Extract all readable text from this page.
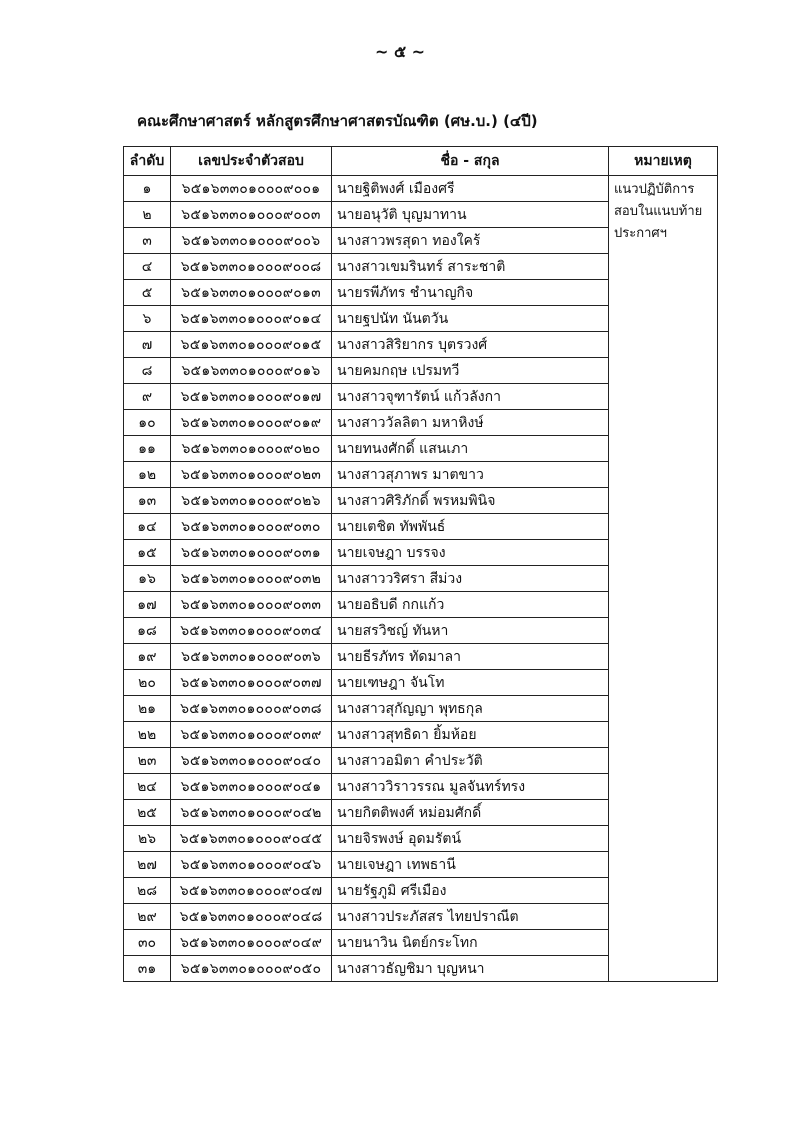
~ ๕ ~
คณะศึกษาศาสตร์ หลักสูตรศึกษาศาสตรบัณฑิต (ศษ.บ.) (๔ปี)
ลำดับ	เลขประจำตัวสอบ	ชื่อ - สกุล	หมายเหตุ
๑	๖๕๑๖๓๓๐๑๐๐๐๙๐๐๑	นายฐิติพงศ์ เมืองศรี	แนวปฏิบัติการสอบในแนบท้ายประกาศฯ
๒	๖๕๑๖๓๓๐๑๐๐๐๙๐๐๓	นายอนุวัติ บุญมาทาน	
๓	๖๕๑๖๓๓๐๑๐๐๐๙๐๐๖	นางสาวพรสุดา ทองใคร้	
๔	๖๕๑๖๓๓๐๑๐๐๐๙๐๐๘	นางสาวเขมรินทร์ สาระชาติ	
๕	๖๕๑๖๓๓๐๑๐๐๐๙๐๑๓	นายรพีภัทร ชำนาญกิจ	
๖	๖๕๑๖๓๓๐๑๐๐๐๙๐๑๔	นายฐปนัท นันตวัน	
๗	๖๕๑๖๓๓๐๑๐๐๐๙๐๑๕	นางสาวสิริยากร บุตรวงศ์	
๘	๖๕๑๖๓๓๐๑๐๐๐๙๐๑๖	นายคมกฤษ เปรมทวี	
๙	๖๕๑๖๓๓๐๑๐๐๐๙๐๑๗	นางสาวจุฑารัตน์ แก้วลังกา	
๑๐	๖๕๑๖๓๓๐๑๐๐๐๙๐๑๙	นางสาววัลลิตา มหาหิงษ์	
๑๑	๖๕๑๖๓๓๐๑๐๐๐๙๐๒๐	นายทนงศักดิ์ แสนเภา	
๑๒	๖๕๑๖๓๓๐๑๐๐๐๙๐๒๓	นางสาวสุภาพร มาตขาว	
๑๓	๖๕๑๖๓๓๐๑๐๐๐๙๐๒๖	นางสาวศิริภักดิ์ พรหมพินิจ	
๑๔	๖๕๑๖๓๓๐๑๐๐๐๙๐๓๐	นายเตชิต ทัพพันธ์	
๑๕	๖๕๑๖๓๓๐๑๐๐๐๙๐๓๑	นายเจษฎา บรรจง	
๑๖	๖๕๑๖๓๓๐๑๐๐๐๙๐๓๒	นางสาววริศรา สีม่วง	
๑๗	๖๕๑๖๓๓๐๑๐๐๐๙๐๓๓	นายอธิบดี กกแก้ว	
๑๘	๖๕๑๖๓๓๐๑๐๐๐๙๐๓๔	นายสรวิชญ์ ทันหา	
๑๙	๖๕๑๖๓๓๐๑๐๐๐๙๐๓๖	นายธีรภัทร ทัดมาลา	
๒๐	๖๕๑๖๓๓๐๑๐๐๐๙๐๓๗	นายเฑษฎา จันโท	
๒๑	๖๕๑๖๓๓๐๑๐๐๐๙๐๓๘	นางสาวสุกัญญา พุทธกุล	
๒๒	๖๕๑๖๓๓๐๑๐๐๐๙๐๓๙	นางสาวสุทธิดา ยิ้มห้อย	
๒๓	๖๕๑๖๓๓๐๑๐๐๐๙๐๔๐	นางสาวอมิตา คำประวัติ	
๒๔	๖๕๑๖๓๓๐๑๐๐๐๙๐๔๑	นางสาววิราวรรณ มูลจันทร์ทรง	
๒๕	๖๕๑๖๓๓๐๑๐๐๐๙๐๔๒	นายกิตติพงศ์ หม่อมศักดิ์	
๒๖	๖๕๑๖๓๓๐๑๐๐๐๙๐๔๕	นายจิรพงษ์ อุดมรัตน์	
๒๗	๖๕๑๖๓๓๐๑๐๐๐๙๐๔๖	นายเจษฎา เทพธานี	
๒๘	๖๕๑๖๓๓๐๑๐๐๐๙๐๔๗	นายรัฐภูมิ ศรีเมือง	
๒๙	๖๕๑๖๓๓๐๑๐๐๐๙๐๔๘	นางสาวประภัสสร ไทยปราณีต	
๓๐	๖๕๑๖๓๓๐๑๐๐๐๙๐๔๙	นายนาวิน นิตย์กระโทก	
๓๑	๖๕๑๖๓๓๐๑๐๐๐๙๐๕๐	นางสาวธัญชิมา บุญหนา	
